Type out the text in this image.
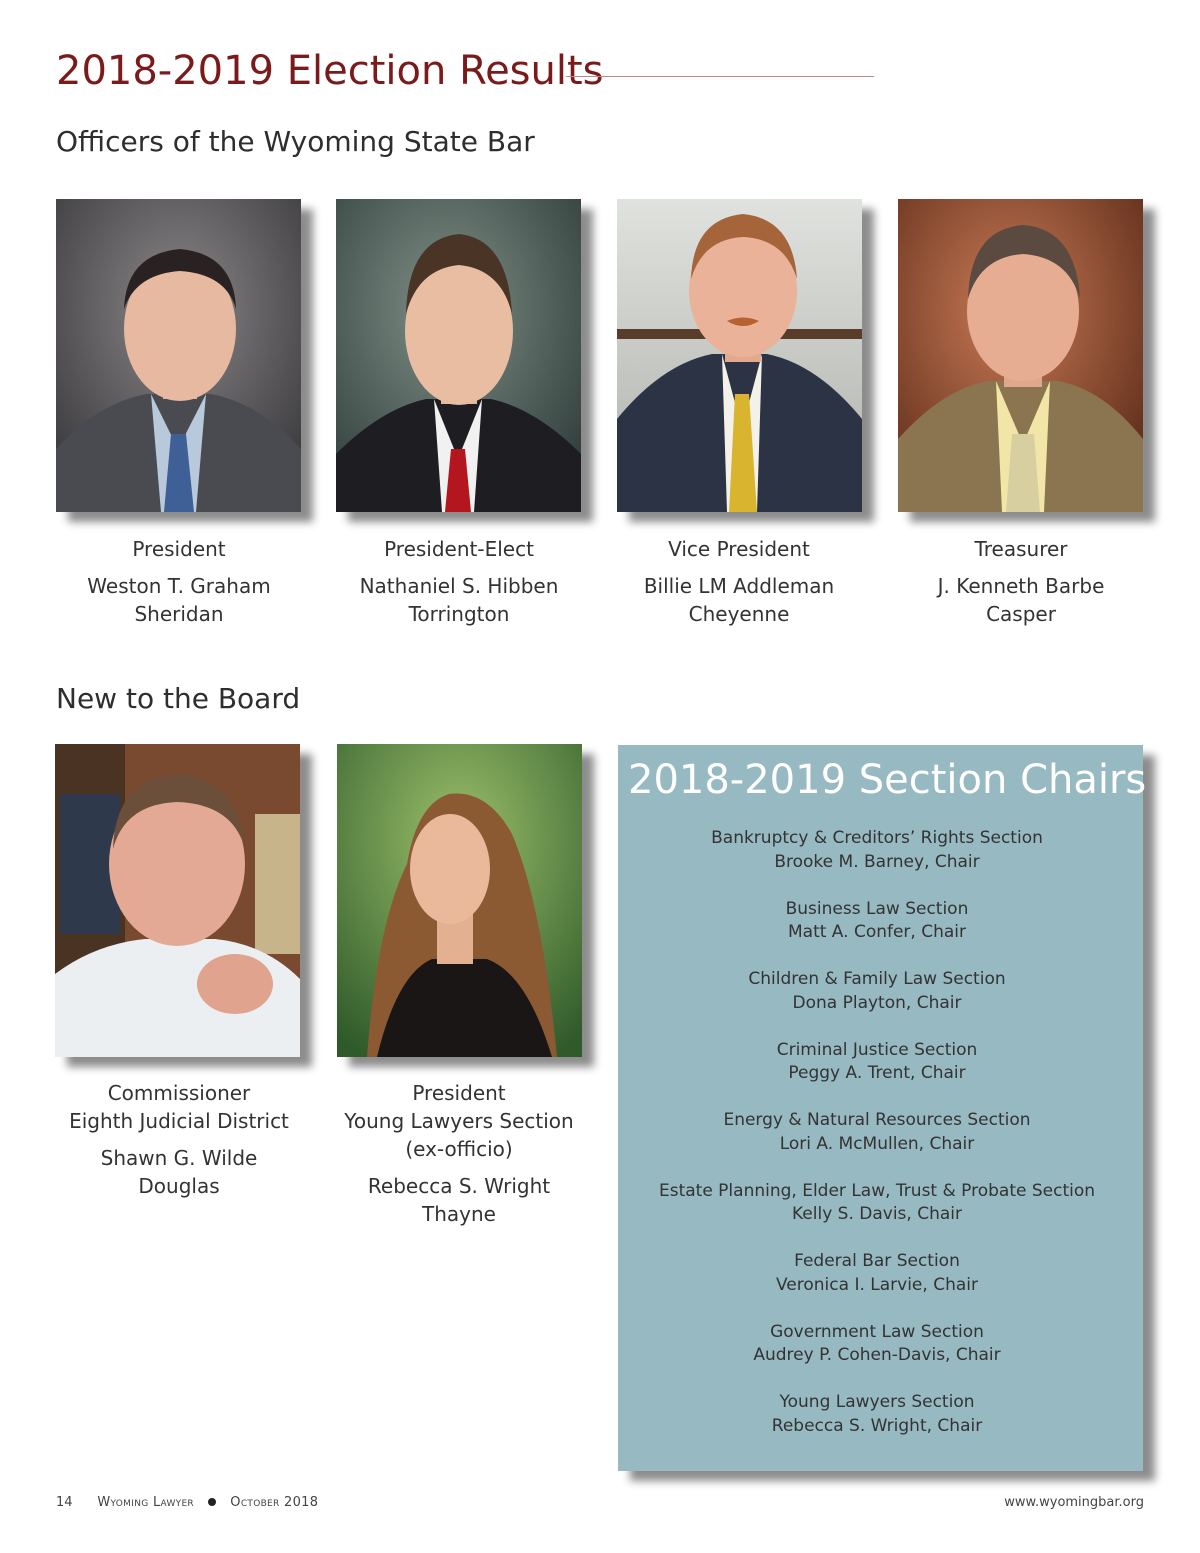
2018-2019 Election Results
Officers of the Wyoming State Bar
President
Weston T. Graham
Sheridan
President-Elect
Nathaniel S. Hibben
Torrington
Vice President
Billie LM Addleman
Cheyenne
Treasurer
J. Kenneth Barbe
Casper
New to the Board
Commissioner
Eighth Judicial District
Shawn G. Wilde
Douglas
President
Young Lawyers Section
(ex-officio)
Rebecca S. Wright
Thayne
2018-2019 Section Chairs
Bankruptcy & Creditors’ Rights Section
Brooke M. Barney, Chair
Business Law Section
Matt A. Confer, Chair
Children & Family Law Section
Dona Playton, Chair
Criminal Justice Section
Peggy A. Trent, Chair
Energy & Natural Resources Section
Lori A. McMullen, Chair
Estate Planning, Elder Law, Trust & Probate Section
Kelly S. Davis, Chair
Federal Bar Section
Veronica I. Larvie, Chair
Government Law Section
Audrey P. Cohen-Davis, Chair
Young Lawyers Section
Rebecca S. Wright, Chair
14 Wyoming Lawyer	October 2018	www.wyomingbar.org
